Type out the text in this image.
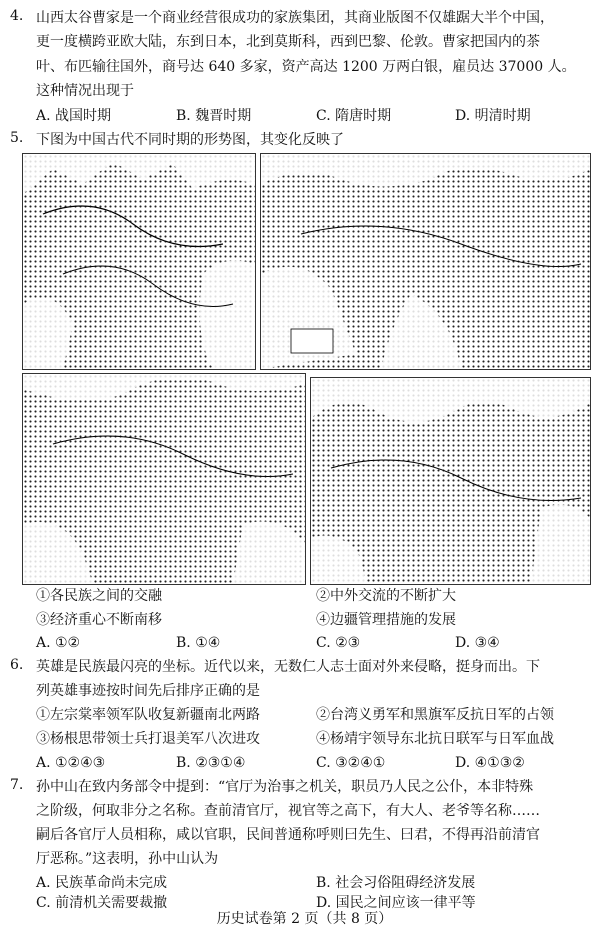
4. 山西太谷曹家是一个商业经营很成功的家族集团，其商业版图不仅雄踞大半个中国，
更一度横跨亚欧大陆，东到日本，北到莫斯科，西到巴黎、伦敦。曹家把国内的茶
叶、布匹输往国外，商号达 640 多家，资产高达 1200 万两白银，雇员达 37000 人。
这种情况出现于
A. 战国时期	B. 魏晋时期	C. 隋唐时期	D. 明清时期
5. 下图为中国古代不同时期的形势图，其变化反映了
①各民族之间的交融	②中外交流的不断扩大
③经济重心不断南移	④边疆管理措施的发展
A. ①②	B. ①④	C. ②③	D. ③④
6. 英雄是民族最闪亮的坐标。近代以来，无数仁人志士面对外来侵略，挺身而出。下
列英雄事迹按时间先后排序正确的是
①左宗棠率领军队收复新疆南北两路	②台湾义勇军和黑旗军反抗日军的占领
③杨根思带领士兵打退美军八次进攻	④杨靖宇领导东北抗日联军与日军血战
A. ①②④③	B. ②③①④	C. ③②④①	D. ④①③②
7. 孙中山在致内务部令中提到：“官厅为治事之机关，职员乃人民之公仆，本非特殊
之阶级，何取非分之名称。查前清官厅，视官等之高下，有大人、老爷等名称……
嗣后各官厅人员相称，咸以官职，民间普通称呼则曰先生、曰君，不得再沿前清官
厅恶称。”这表明，孙中山认为
A. 民族革命尚未完成	B. 社会习俗阻碍经济发展
C. 前清机关需要裁撤	D. 国民之间应该一律平等
历史试卷第 2 页（共 8 页）
